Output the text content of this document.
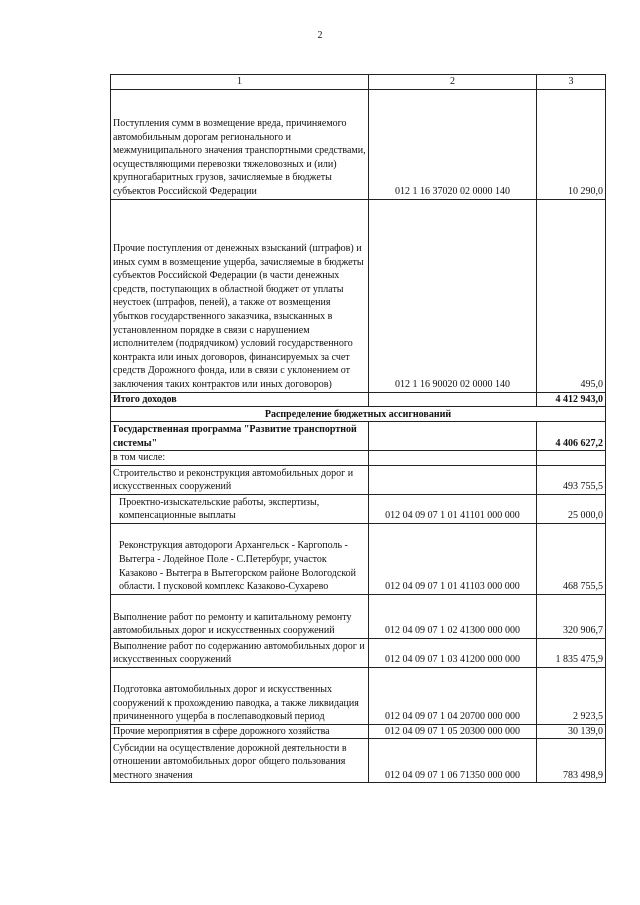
2
1	2	3
Поступления сумм в возмещение вреда, причиняемого автомобильным дорогам регионального и межмуниципального значения транспортными средствами, осуществляющими перевозки тяжеловозных и (или) крупногабаритных грузов, зачисляемые в бюджеты субъектов Российской Федерации	012 1 16 37020 02 0000 140	10 290,0
Прочие поступления от денежных взысканий (штрафов) и иных сумм в возмещение ущерба, зачисляемые в бюджеты субъектов Российской Федерации (в части денежных средств, поступающих в областной бюджет от уплаты неустоек (штрафов, пеней), а также от возмещения убытков государственного заказчика, взысканных в установленном порядке в связи с нарушением исполнителем (подрядчиком) условий государственного контракта или иных договоров, финансируемых за счет средств Дорожного фонда, или в связи с уклонением от заключения таких контрактов или иных договоров)	012 1 16 90020 02 0000 140	495,0
Итого доходов		4 412 943,0
Распределение бюджетных ассигнований		
Государственная программа "Развитие транспортной системы"		4 406 627,2
в том числе:		
Строительство и реконструкция автомобильных дорог и искусственных сооружений		493 755,5
Проектно-изыскательские работы, экспертизы, компенсационные выплаты	012 04 09 07 1 01 41101 000 000	25 000,0
Реконструкция автодороги Архангельск - Каргополь - Вытегра - Лодейное Поле - С.Петербург, участок Казаково - Вытегра в Вытегорском районе Вологодской области. I пусковой комплекс Казаково-Сухарево	012 04 09 07 1 01 41103 000 000	468 755,5
Выполнение работ по ремонту и капитальному ремонту автомобильных дорог и искусственных сооружений	012 04 09 07 1 02 41300 000 000	320 906,7
Выполнение работ по содержанию автомобильных дорог и искусственных сооружений	012 04 09 07 1 03 41200 000 000	1 835 475,9
Подготовка автомобильных дорог и искусственных сооружений к прохождению паводка, а также ликвидация причиненного ущерба в послепаводковый период	012 04 09 07 1 04 20700 000 000	2 923,5
Прочие мероприятия в сфере дорожного хозяйства	012 04 09 07 1 05 20300 000 000	30 139,0
Субсидии на осуществление дорожной деятельности в отношении автомобильных дорог общего пользования местного значения	012 04 09 07 1 06 71350 000 000	783 498,9
